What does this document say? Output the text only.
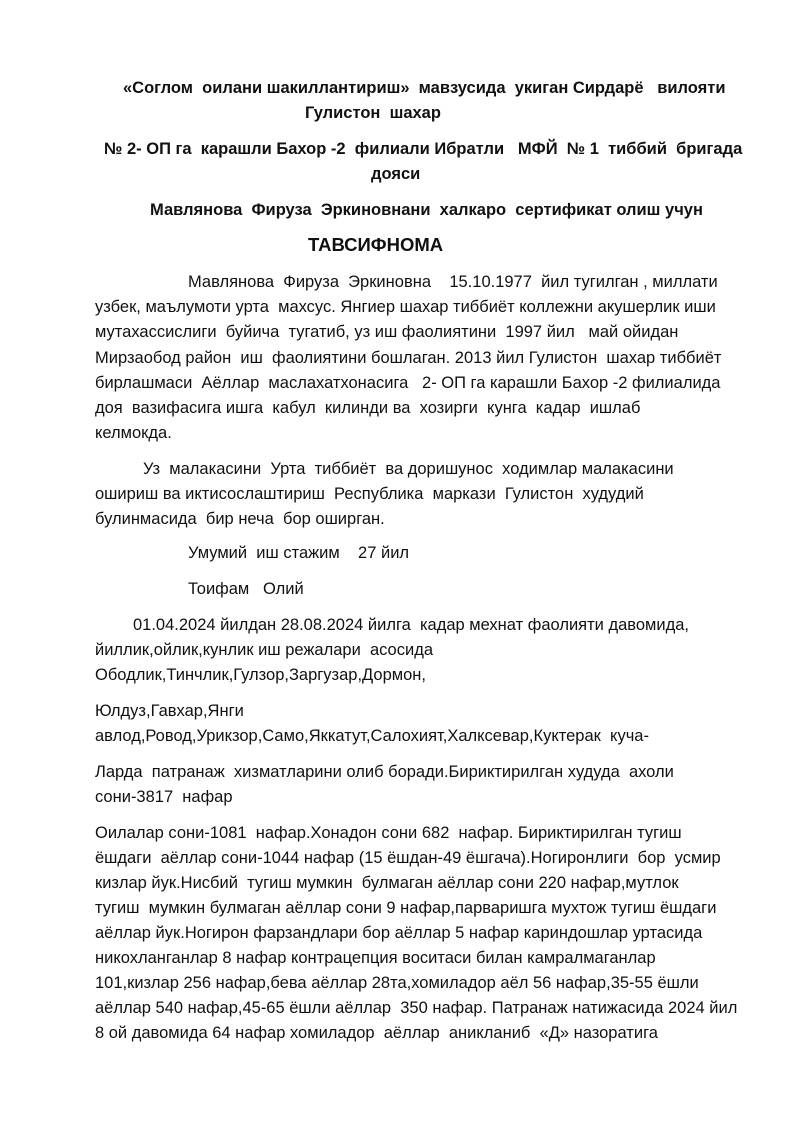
«Соглом  оилани шакиллантириш»  мавзусида  укиган Сирдарё   вилояти
Гулистон  шахар
№ 2- ОП га  карашли Бахор -2  филиали Ибратли   МФЙ  № 1  тиббий  бригада
дояси
Мавлянова  Фируза  Эркиновнани  халкаро  сертификат олиш учун
ТАВСИФНОМА
Мавлянова  Фируза  Эркиновна    15.10.1977  йил тугилган , миллати
узбек, маълумоти урта  махсус. Янгиер шахар тиббиёт коллежни акушерлик иши
мутахассислиги  буйича  тугатиб, уз иш фаолиятини  1997 йил   май ойидан
Мирзаобод район  иш  фаолиятини бошлаган. 2013 йил Гулистон  шахар тиббиёт
бирлашмаси  Аёллар  маслахатхонасига   2- ОП га карашли Бахор -2 филиалида
доя  вазифасига ишга  кабул  килинди ва  хозирги  кунга  кадар  ишлаб
келмокда.
Уз  малакасини  Урта  тиббиёт  ва доришунос  ходимлар малакасини
ошириш ва иктисослаштириш  Республика  маркази  Гулистон  худудий
булинмасида  бир неча  бор оширган.
Умумий  иш стажим    27 йил
Тоифам   Олий
01.04.2024 йилдан 28.08.2024 йилга  кадар мехнат фаолияти давомида,
йиллик,ойлик,кунлик иш режалари  асосида
Ободлик,Тинчлик,Гулзор,Заргузар,Дормон,
Юлдуз,Гавхар,Янги
авлод,Ровод,Урикзор,Само,Яккатут,Салохият,Халксевар,Куктерак  куча-
Ларда  патранаж  хизматларини олиб боради.Бириктирилган худуда  ахоли
сони-3817  нафар
Оилалар сони-1081  нафар.Хонадон сони 682  нафар. Бириктирилган тугиш
ёшдаги  аёллар сони-1044 нафар (15 ёшдан-49 ёшгача).Ногиронлиги  бор  усмир
кизлар йук.Нисбий  тугиш мумкин  булмаган аёллар сони 220 нафар,мутлок
тугиш  мумкин булмаган аёллар сони 9 нафар,парваришга мухтож тугиш ёшдаги
аёллар йук.Ногирон фарзандлари бор аёллар 5 нафар кариндошлар уртасида
никохланганлар 8 нафар контрацепция воситаси билан камралмаганлар
101,кизлар 256 нафар,бева аёллар 28та,хомиладор аёл 56 нафар,35-55 ёшли
аёллар 540 нафар,45-65 ёшли аёллар  350 нафар. Патранаж натижасида 2024 йил
8 ой давомида 64 нафар хомиладор  аёллар  аникланиб  «Д» назоратига
